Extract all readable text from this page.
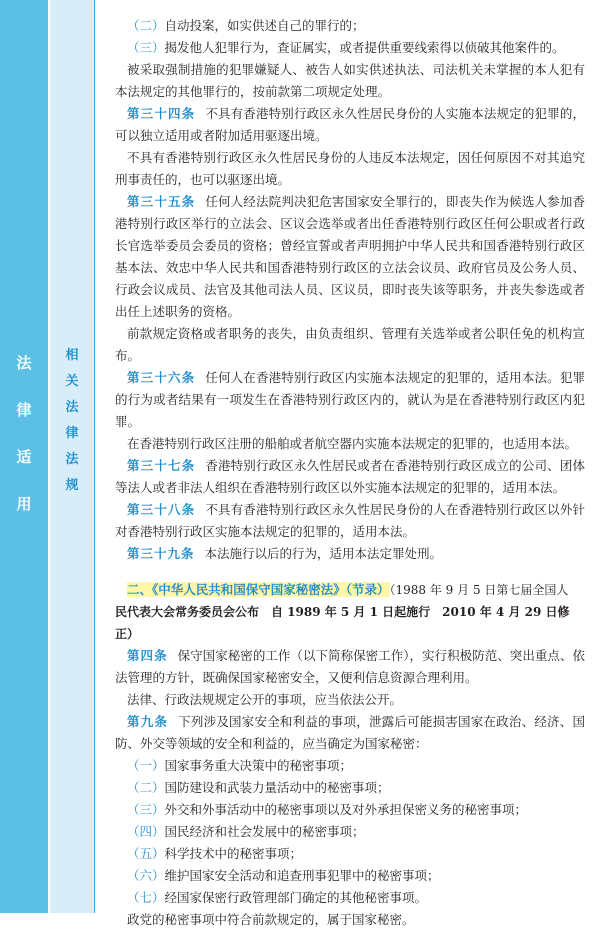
法
律
适
用
相
关
法
律
法
规

（二）自动投案，如实供述自己的罪行的；

（三）揭发他人犯罪行为，查证属实，或者提供重要线索得以侦破其他案件的。

被采取强制措施的犯罪嫌疑人、被告人如实供述执法、司法机关未掌握的本人犯有本法规定的其他罪行的，按前款第二项规定处理。

第三十四条 不具有香港特别行政区永久性居民身份的人实施本法规定的犯罪的，可以独立适用或者附加适用驱逐出境。

不具有香港特别行政区永久性居民身份的人违反本法规定，因任何原因不对其追究刑事责任的，也可以驱逐出境。

第三十五条 任何人经法院判决犯危害国家安全罪行的，即丧失作为候选人参加香港特别行政区举行的立法会、区议会选举或者出任香港特别行政区任何公职或者行政长官选举委员会委员的资格；曾经宣誓或者声明拥护中华人民共和国香港特别行政区基本法、效忠中华人民共和国香港特别行政区的立法会议员、政府官员及公务人员、行政会议成员、法官及其他司法人员、区议员，即时丧失该等职务，并丧失参选或者出任上述职务的资格。

前款规定资格或者职务的丧失，由负责组织、管理有关选举或者公职任免的机构宣布。

第三十六条 任何人在香港特别行政区内实施本法规定的犯罪的，适用本法。犯罪的行为或者结果有一项发生在香港特别行政区内的，就认为是在香港特别行政区内犯罪。

在香港特别行政区注册的船舶或者航空器内实施本法规定的犯罪的，也适用本法。

第三十七条 香港特别行政区永久性居民或者在香港特别行政区成立的公司、团体等法人或者非法人组织在香港特别行政区以外实施本法规定的犯罪的，适用本法。

第三十八条 不具有香港特别行政区永久性居民身份的人在香港特别行政区以外针对香港特别行政区实施本法规定的犯罪的，适用本法。

第三十九条 本法施行以后的行为，适用本法定罪处刑。

二、《中华人民共和国保守国家秘密法》（节录）（1988 年 9 月 5 日第七届全国人

民代表大会常务委员会公布　自 1989 年 5 月 1 日起施行　2010 年 4 月 29 日修正）

第四条 保守国家秘密的工作（以下简称保密工作），实行积极防范、突出重点、依法管理的方针，既确保国家秘密安全，又便利信息资源合理利用。

法律、行政法规规定公开的事项，应当依法公开。

第九条 下列涉及国家安全和利益的事项，泄露后可能损害国家在政治、经济、国防、外交等领域的安全和利益的，应当确定为国家秘密：

（一）国家事务重大决策中的秘密事项；

（二）国防建设和武装力量活动中的秘密事项；

（三）外交和外事活动中的秘密事项以及对外承担保密义务的秘密事项；

（四）国民经济和社会发展中的秘密事项；

（五）科学技术中的秘密事项；

（六）维护国家安全活动和追查刑事犯罪中的秘密事项；

（七）经国家保密行政管理部门确定的其他秘密事项。

政党的秘密事项中符合前款规定的，属于国家秘密。
